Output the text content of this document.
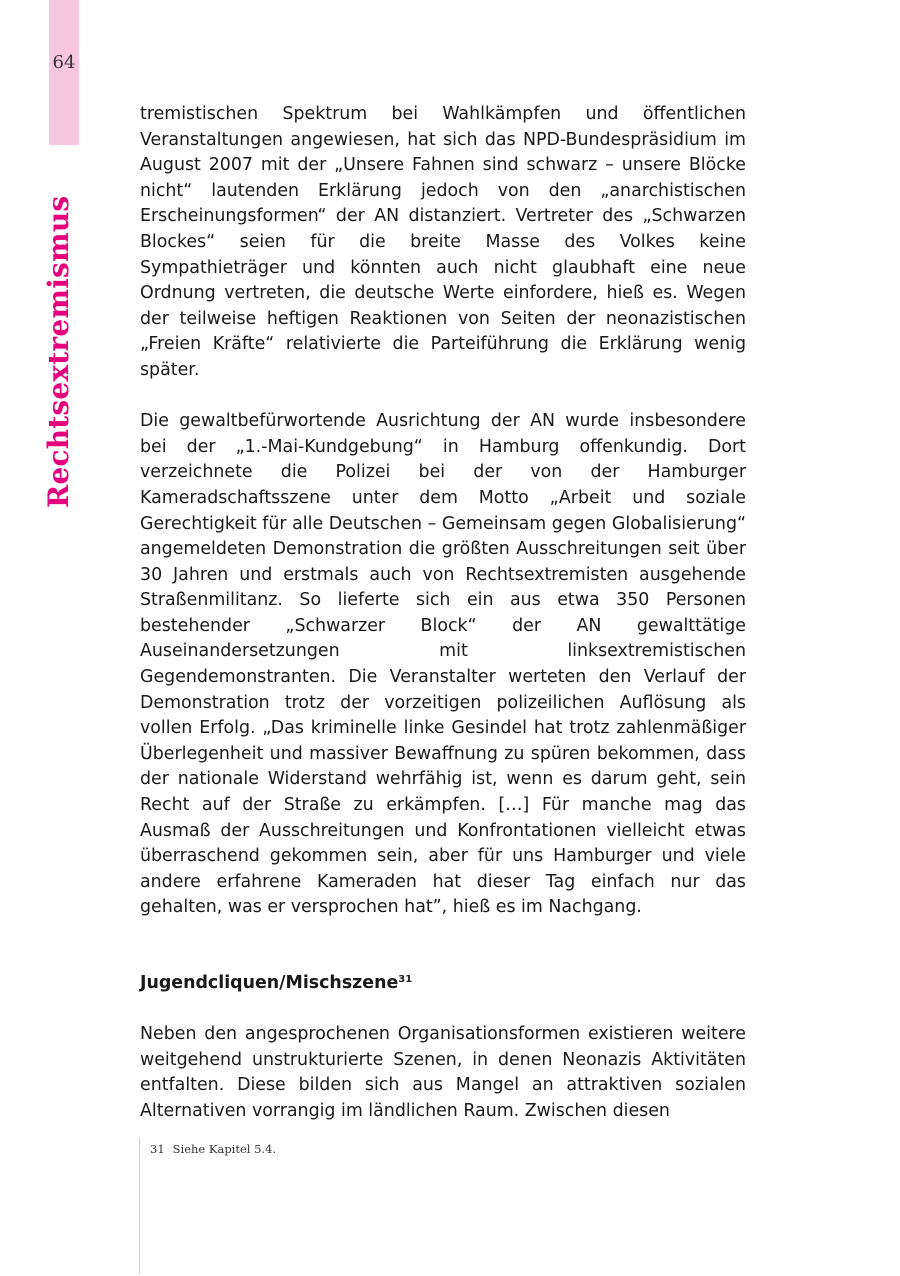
64
Rechtsextremismus

tremistischen Spektrum bei Wahlkämpfen und öffentlichen Veranstaltungen angewiesen, hat sich das NPD-Bundespräsidium im August 2007 mit der „Unsere Fahnen sind schwarz – unsere Blöcke nicht“ lautenden Erklärung jedoch von den „anarchistischen Erscheinungsformen“ der AN distanziert. Vertreter des „Schwarzen Blockes“ seien für die breite Masse des Volkes keine Sympathieträger und könnten auch nicht glaubhaft eine neue Ordnung vertreten, die deutsche Werte einfordere, hieß es. Wegen der teilweise heftigen Reaktionen von Seiten der neonazistischen „Freien Kräfte“ relativierte die Parteiführung die Erklärung wenig später.

Die gewaltbefürwortende Ausrichtung der AN wurde insbesondere bei der „1.-Mai-Kundgebung“ in Hamburg offenkundig. Dort verzeichnete die Polizei bei der von der Hamburger Kameradschaftsszene unter dem Motto „Arbeit und soziale Gerechtigkeit für alle Deutschen – Gemeinsam gegen Globalisierung“ angemeldeten Demonstration die größten Ausschreitungen seit über 30 Jahren und erstmals auch von Rechtsextremisten ausgehende Straßenmilitanz. So lieferte sich ein aus etwa 350 Personen bestehender „Schwarzer Block“ der AN gewalttätige Auseinandersetzungen mit linksextremistischen Gegendemonstranten. Die Veranstalter werteten den Verlauf der Demonstration trotz der vorzeitigen polizeilichen Auflösung als vollen Erfolg. „Das kriminelle linke Gesindel hat trotz zahlenmäßiger Überlegenheit und massiver Bewaffnung zu spüren bekommen, dass der nationale Widerstand wehrfähig ist, wenn es darum geht, sein Recht auf der Straße zu erkämpfen. […] Für manche mag das Ausmaß der Ausschreitungen und Konfrontationen vielleicht etwas überraschend gekommen sein, aber für uns Hamburger und viele andere erfahrene Kameraden hat dieser Tag einfach nur das gehalten, was er versprochen hat”, hieß es im Nachgang.

Jugendcliquen/Mischszene$^{31}$

Neben den angesprochenen Organisationsformen existieren weitere weitgehend unstrukturierte Szenen, in denen Neonazis Aktivitäten entfalten. Diese bilden sich aus Mangel an attraktiven sozialen Alternativen vorrangig im ländlichen Raum. Zwischen diesen

31 Siehe Kapitel 5.4.
